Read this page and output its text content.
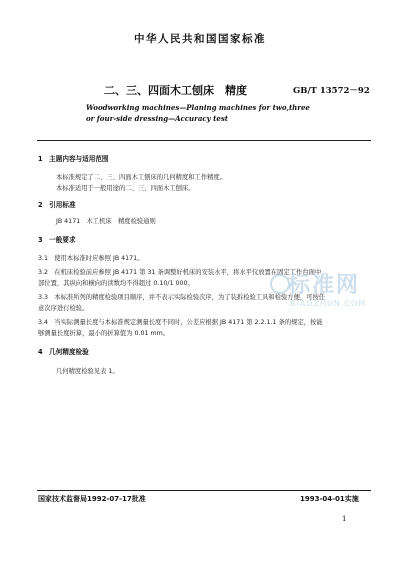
中华人民共和国国家标准
二、三、四面木工刨床　精度	GB/T 13572－92
Woodworking machines—Planing machines for two,three
or four-side dressing—Accuracy test
1　主题内容与适用范围
本标准规定了二、三、四面木工刨床的几何精度和工作精度。
本标准适用于一般用途的二、三、四面木工刨床。
2　引用标准
JB 4171　木工机床　精度检验通则
3　一般要求
3.1　使用本标准时应参照 JB 4171。
3.2　在机床检验前应参照 JB 4171 第 31 条调整好机床的安装水平，将水平仪放置在固定工作台面中
部位置，其纵向和横向的读数均不得超过 0.10/1 000。
3.3　本标准所列的精度检验项目顺序，并不表示实际检验次序，为了装拆检验工具和检验方便，可按任
意次序进行检验。
3.4　当实际测量长度与本标准规定测量长度不同时，公差应根据 JB 4171 第 2.2.1.1 条的规定，按能
够测量长度折算，最小的折算值为 0.01 mm。
4　几何精度检验
几何精度检验见表 1。
标准网
BIAOZHUN.COM
国家技术监督局1992-07-17批准	1993-04-01实施
1
